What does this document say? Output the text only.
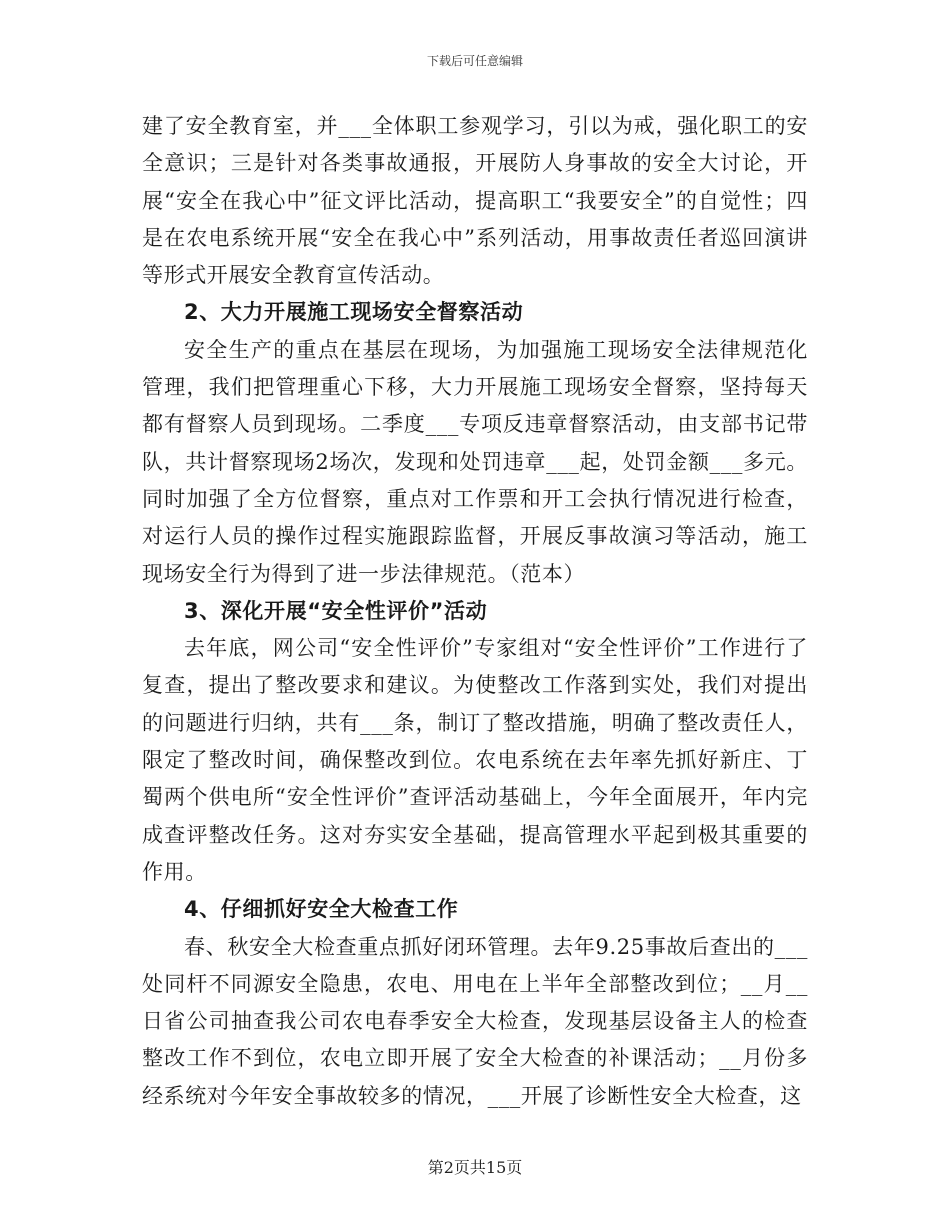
下载后可任意编辑

建了安全教育室，并___全体职工参观学习，引以为戒，强化职工的安全意识；三是针对各类事故通报，开展防人身事故的安全大讨论，开展“安全在我心中”征文评比活动，提高职工“我要安全”的自觉性；四是在农电系统开展“安全在我心中”系列活动，用事故责任者巡回演讲等形式开展安全教育宣传活动。

2、大力开展施工现场安全督察活动

安全生产的重点在基层在现场，为加强施工现场安全法律规范化管理，我们把管理重心下移，大力开展施工现场安全督察，坚持每天都有督察人员到现场。二季度___专项反违章督察活动，由支部书记带队，共计督察现场2场次，发现和处罚违章___起，处罚金额___多元。同时加强了全方位督察，重点对工作票和开工会执行情况进行检查，对运行人员的操作过程实施跟踪监督，开展反事故演习等活动，施工现场安全行为得到了进一步法律规范。（范本）

3、深化开展“安全性评价”活动

去年底，网公司“安全性评价”专家组对“安全性评价”工作进行了复查，提出了整改要求和建议。为使整改工作落到实处，我们对提出的问题进行归纳，共有___条，制订了整改措施，明确了整改责任人，限定了整改时间，确保整改到位。农电系统在去年率先抓好新庄、丁蜀两个供电所“安全性评价”查评活动基础上，今年全面展开，年内完成查评整改任务。这对夯实安全基础，提高管理水平起到极其重要的作用。

4、仔细抓好安全大检查工作

春、秋安全大检查重点抓好闭环管理。去年9.25事故后查出的___处同杆不同源安全隐患，农电、用电在上半年全部整改到位；__月__日省公司抽查我公司农电春季安全大检查，发现基层设备主人的检查整改工作不到位，农电立即开展了安全大检查的补课活动；__月份多经系统对今年安全事故较多的情况，___开展了诊断性安全大检查，这

第2页共15页
